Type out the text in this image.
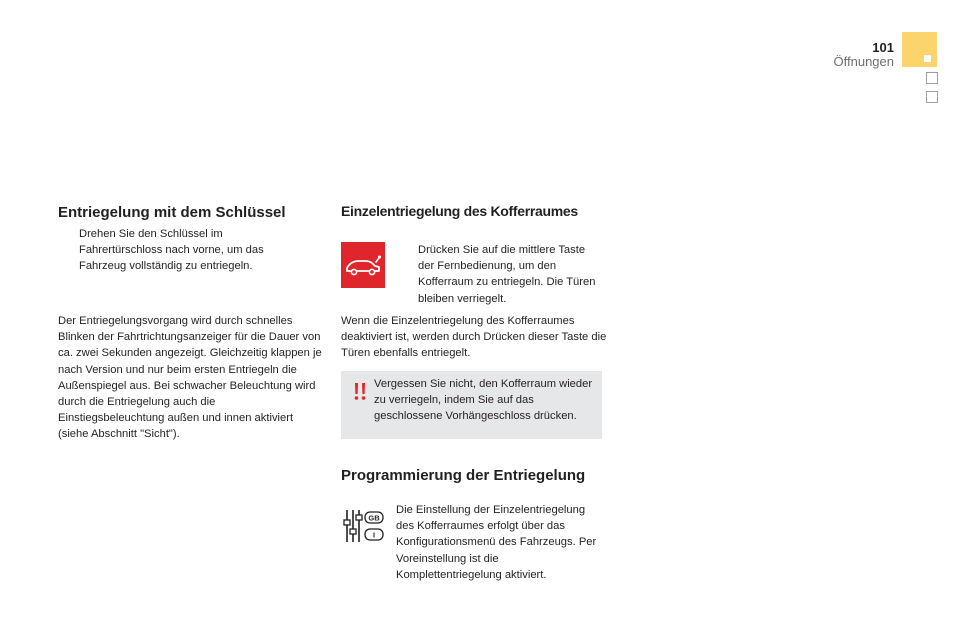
101
Öffnungen
Entriegelung mit dem Schlüssel
Drehen Sie den Schlüssel im Fahrertürschloss nach vorne, um das Fahrzeug vollständig zu entriegeln.
Der Entriegelungsvorgang wird durch schnelles Blinken der Fahrtrichtungsanzeiger für die Dauer von ca. zwei Sekunden angezeigt. Gleichzeitig klappen je nach Version und nur beim ersten Entriegeln die Außenspiegel aus. Bei schwacher Beleuchtung wird durch die Entriegelung auch die Einstiegsbeleuchtung außen und innen aktiviert (siehe Abschnitt "Sicht").
Einzelentriegelung des Kofferraumes
Drücken Sie auf die mittlere Taste der Fernbedienung, um den Kofferraum zu entriegeln. Die Türen bleiben verriegelt.
Wenn die Einzelentriegelung des Kofferraumes deaktiviert ist, werden durch Drücken dieser Taste die Türen ebenfalls entriegelt.
Vergessen Sie nicht, den Kofferraum wieder zu verriegeln, indem Sie auf das geschlossene Vorhängeschloss drücken.
Programmierung der Entriegelung
GB
I
Die Einstellung der Einzelentriegelung des Kofferraumes erfolgt über das Konfigurationsmenü des Fahrzeugs. Per Voreinstellung ist die Komplettentriegelung aktiviert.
